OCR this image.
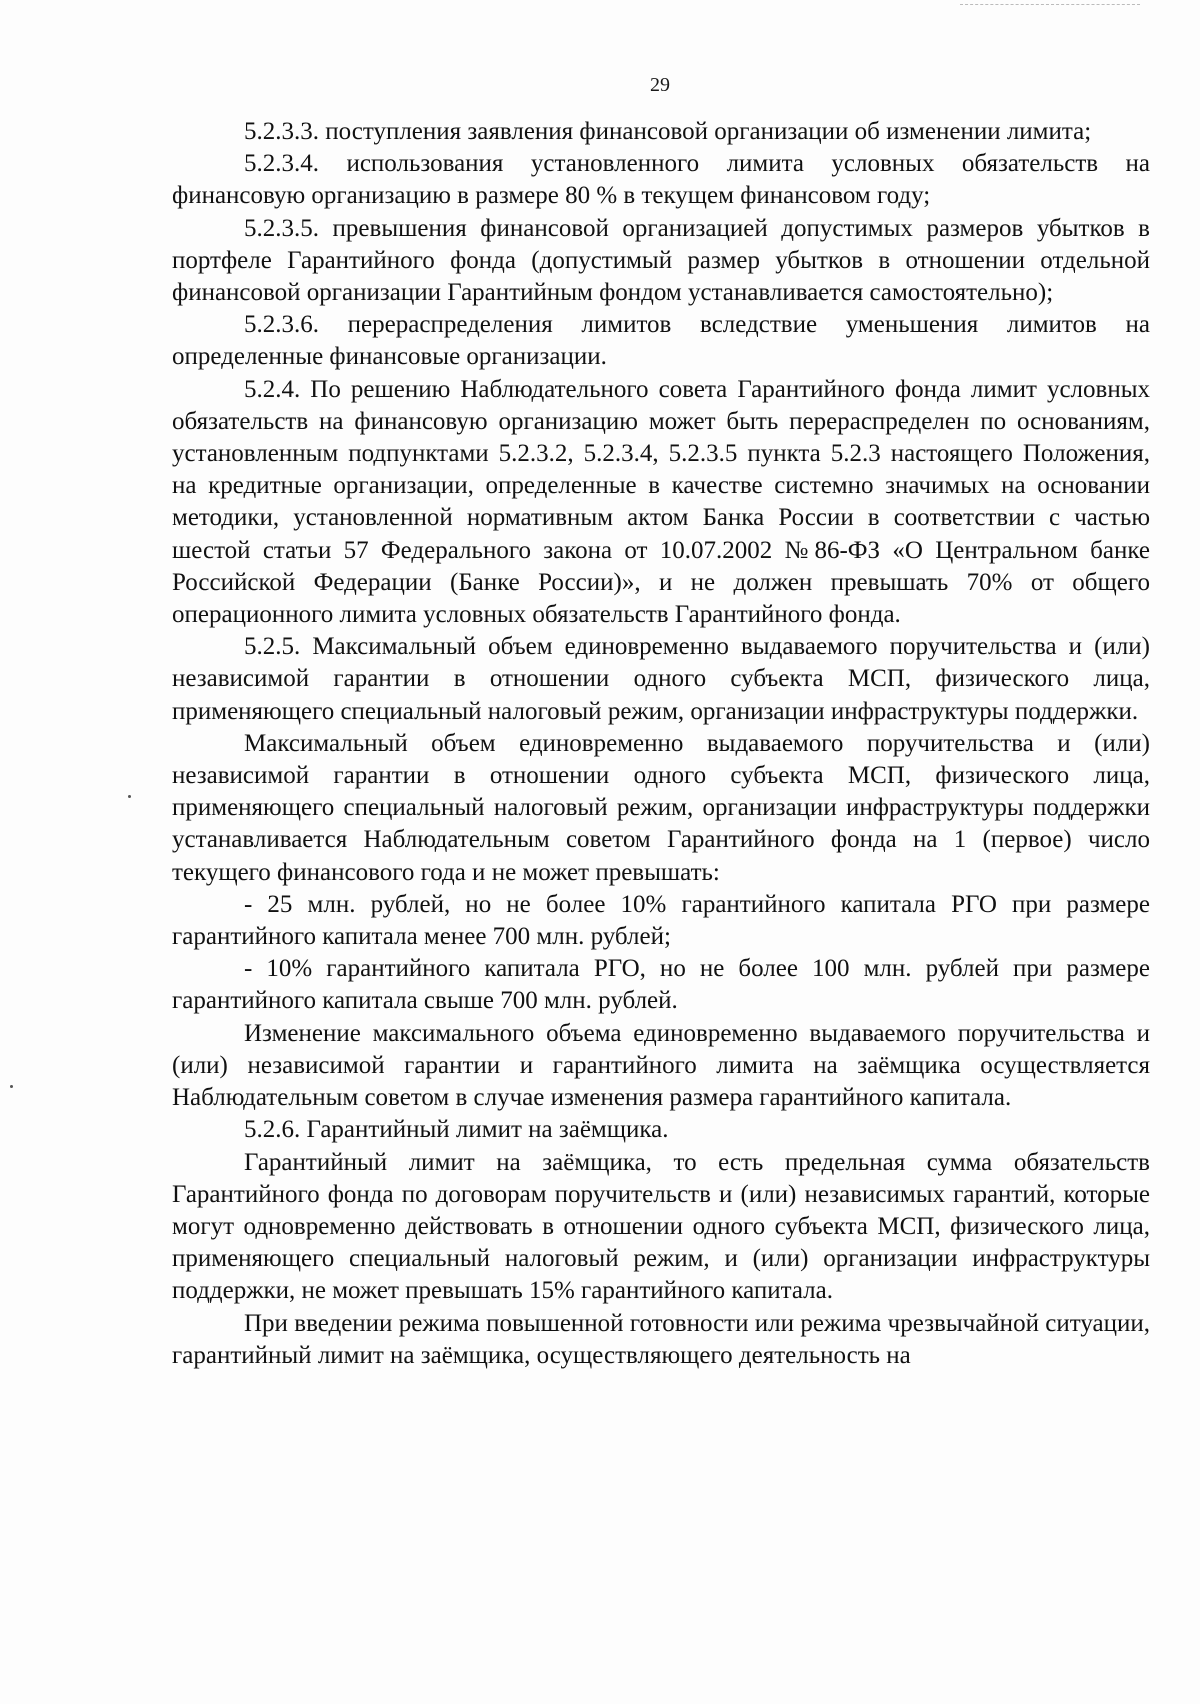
29

5.2.3.3. поступления заявления финансовой организации об изменении лимита;

5.2.3.4. использования установленного лимита условных обязательств на финансовую организацию в размере 80 % в текущем финансовом году;

5.2.3.5. превышения финансовой организацией допустимых размеров убытков в портфеле Гарантийного фонда (допустимый размер убытков в отношении отдельной финансовой организации Гарантийным фондом устанавливается самостоятельно);

5.2.3.6. перераспределения лимитов вследствие уменьшения лимитов на определенные финансовые организации.

5.2.4. По решению Наблюдательного совета Гарантийного фонда лимит условных обязательств на финансовую организацию может быть перераспределен по основаниям, установленным подпунктами 5.2.3.2, 5.2.3.4, 5.2.3.5 пункта 5.2.3 настоящего Положения, на кредитные организации, определенные в качестве системно значимых на основании методики, установленной нормативным актом Банка России в соответствии с частью шестой статьи 57 Федерального закона от 10.07.2002 №86-ФЗ «О Центральном банке Российской Федерации (Банке России)», и не должен превышать 70% от общего операционного лимита условных обязательств Гарантийного фонда.

5.2.5. Максимальный объем единовременно выдаваемого поручительства и (или) независимой гарантии в отношении одного субъекта МСП, физического лица, применяющего специальный налоговый режим, организации инфраструктуры поддержки.

Максимальный объем единовременно выдаваемого поручительства и (или) независимой гарантии в отношении одного субъекта МСП, физического лица, применяющего специальный налоговый режим, организации инфраструктуры поддержки устанавливается Наблюдательным советом Гарантийного фонда на 1 (первое) число текущего финансового года и не может превышать:

- 25 млн. рублей, но не более 10% гарантийного капитала РГО при размере гарантийного капитала менее 700 млн. рублей;

- 10% гарантийного капитала РГО, но не более 100 млн. рублей при размере гарантийного капитала свыше 700 млн. рублей.

Изменение максимального объема единовременно выдаваемого поручительства и (или) независимой гарантии и гарантийного лимита на заёмщика осуществляется Наблюдательным советом в случае изменения размера гарантийного капитала.

5.2.6. Гарантийный лимит на заёмщика.

Гарантийный лимит на заёмщика, то есть предельная сумма обязательств Гарантийного фонда по договорам поручительств и (или) независимых гарантий, которые могут одновременно действовать в отношении одного субъекта МСП, физического лица, применяющего специальный налоговый режим, и (или) организации инфраструктуры поддержки, не может превышать 15% гарантийного капитала.

При введении режима повышенной готовности или режима чрезвычайной ситуации, гарантийный лимит на заёмщика, осуществляющего деятельность на
